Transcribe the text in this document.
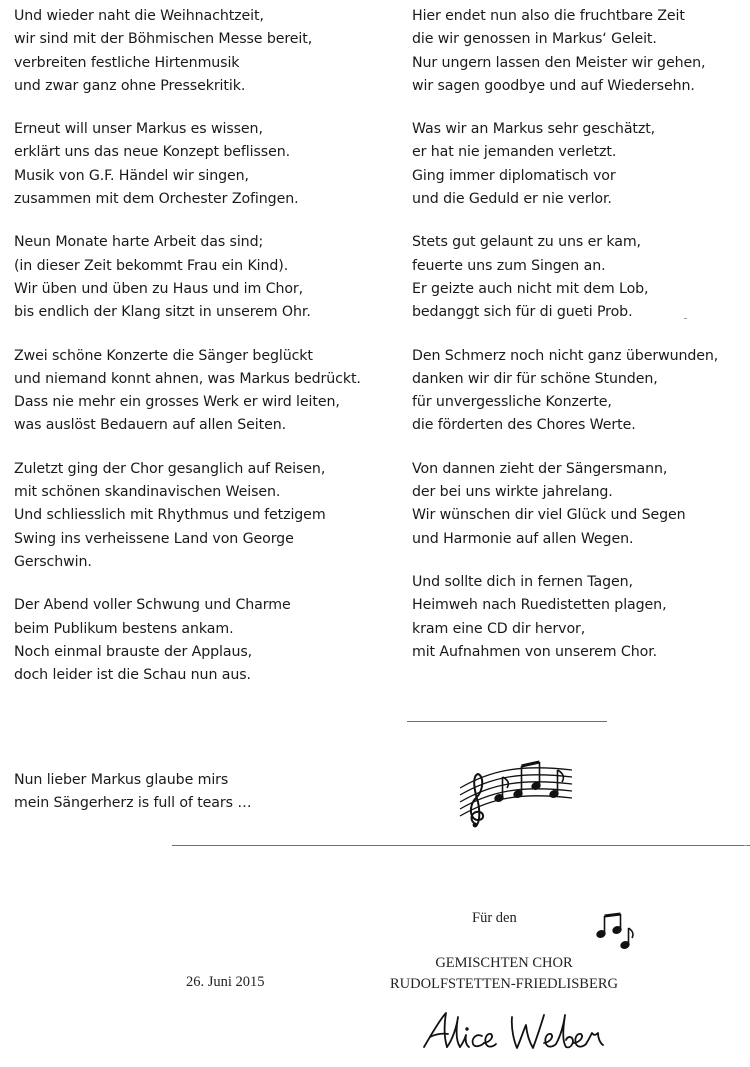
Und wieder naht die Weihnachtzeit,
wir sind mit der Böhmischen Messe bereit,
verbreiten festliche Hirtenmusik
und zwar ganz ohne Pressekritik.
Erneut will unser Markus es wissen,
erklärt uns das neue Konzept beflissen.
Musik von G.F. Händel wir singen,
zusammen mit dem Orchester Zofingen.
Neun Monate harte Arbeit das sind;
(in dieser Zeit bekommt Frau ein Kind).
Wir üben und üben zu Haus und im Chor,
bis endlich der Klang sitzt in unserem Ohr.
Zwei schöne Konzerte die Sänger beglückt
und niemand konnt ahnen, was Markus bedrückt.
Dass nie mehr ein grosses Werk er wird leiten,
was auslöst Bedauern auf allen Seiten.
Zuletzt ging der Chor gesanglich auf Reisen,
mit schönen skandinavischen Weisen.
Und schliesslich mit Rhythmus und fetzigem
Swing ins verheissene Land von George
Gerschwin.
Der Abend voller Schwung und Charme
beim Publikum bestens ankam.
Noch einmal brauste der Applaus,
doch leider ist die Schau nun aus.
Hier endet nun also die fruchtbare Zeit
die wir genossen in Markus‘ Geleit.
Nur ungern lassen den Meister wir gehen,
wir sagen goodbye und auf Wiedersehn.
Was wir an Markus sehr geschätzt,
er hat nie jemanden verletzt.
Ging immer diplomatisch vor
und die Geduld er nie verlor.
Stets gut gelaunt zu uns er kam,
feuerte uns zum Singen an.
Er geizte auch nicht mit dem Lob,
bedanggt sich für di gueti Prob.
Den Schmerz noch nicht ganz überwunden,
danken wir dir für schöne Stunden,
für unvergessliche Konzerte,
die förderten des Chores Werte.
Von dannen zieht der Sängersmann,
der bei uns wirkte jahrelang.
Wir wünschen dir viel Glück und Segen
und Harmonie auf allen Wegen.
Und sollte dich in fernen Tagen,
Heimweh nach Ruedistetten plagen,
kram eine CD dir hervor,
mit Aufnahmen von unserem Chor.
Nun lieber Markus glaube mirs
mein Sängerherz is full of tears …
Für den
GEMISCHTEN CHOR
RUDOLFSTETTEN-FRIEDLISBERG
26. Juni 2015
